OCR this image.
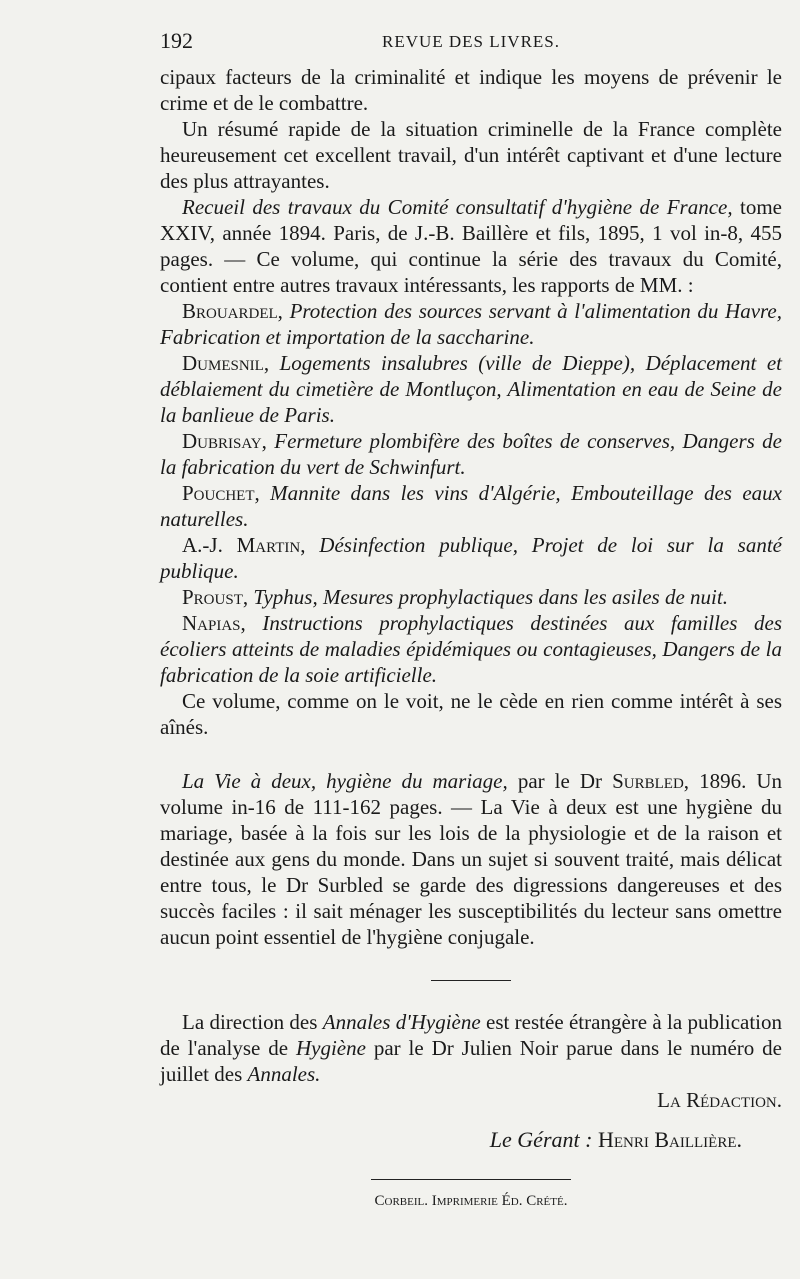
192	REVUE DES LIVRES.

cipaux facteurs de la criminalité et indique les moyens de prévenir le crime et de le combattre.

Un résumé rapide de la situation criminelle de la France complète heureusement cet excellent travail, d'un intérêt captivant et d'une lecture des plus attrayantes.

Recueil des travaux du Comité consultatif d'hygiène de France, tome XXIV, année 1894. Paris, de J.-B. Baillère et fils, 1895, 1 vol in-8, 455 pages. — Ce volume, qui continue la série des travaux du Comité, contient entre autres travaux intéressants, les rapports de MM. :

Brouardel, Protection des sources servant à l'alimentation du Havre, Fabrication et importation de la saccharine.

Dumesnil, Logements insalubres (ville de Dieppe), Déplacement et déblaiement du cimetière de Montluçon, Alimentation en eau de Seine de la banlieue de Paris.

Dubrisay, Fermeture plombifère des boîtes de conserves, Dangers de la fabrication du vert de Schwinfurt.

Pouchet, Mannite dans les vins d'Algérie, Embouteillage des eaux naturelles.

A.-J. Martin, Désinfection publique, Projet de loi sur la santé publique.

Proust, Typhus, Mesures prophylactiques dans les asiles de nuit.

Napias, Instructions prophylactiques destinées aux familles des écoliers atteints de maladies épidémiques ou contagieuses, Dangers de la fabrication de la soie artificielle.

Ce volume, comme on le voit, ne le cède en rien comme intérêt à ses aînés.

La Vie à deux, hygiène du mariage, par le Dr Surbled, 1896. Un volume in-16 de 111-162 pages. — La Vie à deux est une hygiène du mariage, basée à la fois sur les lois de la physiologie et de la raison et destinée aux gens du monde. Dans un sujet si souvent traité, mais délicat entre tous, le Dr Surbled se garde des digressions dangereuses et des succès faciles : il sait ménager les susceptibilités du lecteur sans omettre aucun point essentiel de l'hygiène conjugale.

La direction des Annales d'Hygiène est restée étrangère à la publication de l'analyse de Hygiène par le Dr Julien Noir parue dans le numéro de juillet des Annales.

La Rédaction.
Le Gérant : Henri Baillière.
Corbeil. Imprimerie Éd. Crété.
